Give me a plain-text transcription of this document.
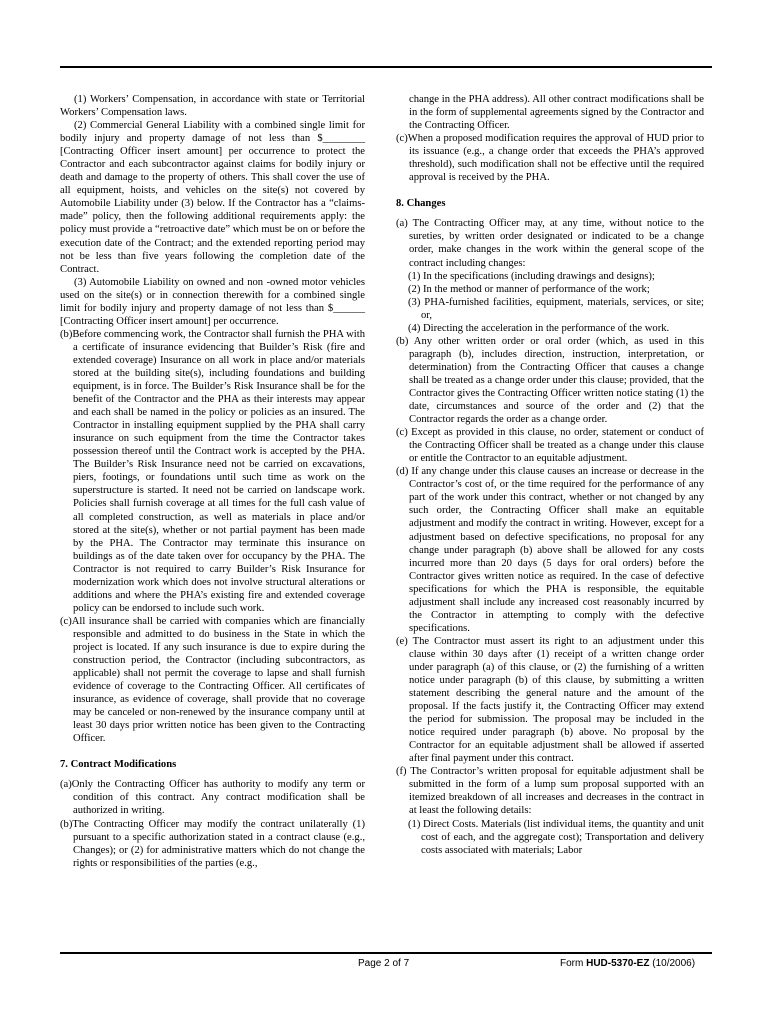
(1) Workers’ Compensation, in accordance with state or Territorial Workers’ Compensation laws.

(2) Commercial General Liability with a combined single limit for bodily injury and property damage of not less than $________ [Contracting Officer insert amount] per occurrence to protect the Contractor and each subcontractor against claims for bodily injury or death and damage to the property of others. This shall cover the use of all equipment, hoists, and vehicles on the site(s) not covered by Automobile Liability under (3) below. If the Contractor has a “claims-made” policy, then the following additional requirements apply: the policy must provide a “retroactive date” which must be on or before the execution date of the Contract; and the extended reporting period may not be less than five years following the completion date of the Contract.

(3) Automobile Liability on owned and non -owned motor vehicles used on the site(s) or in connection therewith for a combined single limit for bodily injury and property damage of not less than $______ [Contracting Officer insert amount] per occurrence.

(b)Before commencing work, the Contractor shall furnish the PHA with a certificate of insurance evidencing that Builder’s Risk (fire and extended coverage) Insurance on all work in place and/or materials stored at the building site(s), including foundations and building equipment, is in force. The Builder’s Risk Insurance shall be for the benefit of the Contractor and the PHA as their interests may appear and each shall be named in the policy or policies as an insured. The Contractor in installing equipment supplied by the PHA shall carry insurance on such equipment from the time the Contractor takes possession thereof until the Contract work is accepted by the PHA. The Builder’s Risk Insurance need not be carried on excavations, piers, footings, or foundations until such time as work on the superstructure is started. It need not be carried on landscape work. Policies shall furnish coverage at all times for the full cash value of all completed construction, as well as materials in place and/or stored at the site(s), whether or not partial payment has been made by the PHA. The Contractor may terminate this insurance on buildings as of the date taken over for occupancy by the PHA. The Contractor is not required to carry Builder’s Risk Insurance for modernization work which does not involve structural alterations or additions and where the PHA’s existing fire and extended coverage policy can be endorsed to include such work.

(c)All insurance shall be carried with companies which are financially responsible and admitted to do business in the State in which the project is located. If any such insurance is due to expire during the construction period, the Contractor (including subcontractors, as applicable) shall not permit the coverage to lapse and shall furnish evidence of coverage to the Contracting Officer. All certificates of insurance, as evidence of coverage, shall provide that no coverage may be canceled or non-renewed by the insurance company until at least 30 days prior written notice has been given to the Contracting Officer.

7. Contract Modifications

(a)Only the Contracting Officer has authority to modify any term or condition of this contract. Any contract modification shall be authorized in writing.

(b)The Contracting Officer may modify the contract unilaterally (1) pursuant to a specific authorization stated in a contract clause (e.g., Changes); or (2) for administrative matters which do not change the rights or responsibilities of the parties (e.g.,

change in the PHA address). All other contract modifications shall be in the form of supplemental agreements signed by the Contractor and the Contracting Officer.

(c)When a proposed modification requires the approval of HUD prior to its issuance (e.g., a change order that exceeds the PHA’s approved threshold), such modification shall not be effective until the required approval is received by the PHA.

8. Changes

(a) The Contracting Officer may, at any time, without notice to the sureties, by written order designated or indicated to be a change order, make changes in the work within the general scope of the contract including changes:

(1) In the specifications (including drawings and designs);

(2) In the method or manner of performance of the work;

(3) PHA-furnished facilities, equipment, materials, services, or site; or,

(4) Directing the acceleration in the performance of the work.

(b) Any other written order or oral order (which, as used in this paragraph (b), includes direction, instruction, interpretation, or determination) from the Contracting Officer that causes a change shall be treated as a change order under this clause; provided, that the Contractor gives the Contracting Officer written notice stating (1) the date, circumstances and source of the order and (2) that the Contractor regards the order as a change order.

(c) Except as provided in this clause, no order, statement or conduct of the Contracting Officer shall be treated as a change under this clause or entitle the Contractor to an equitable adjustment.

(d) If any change under this clause causes an increase or decrease in the Contractor’s cost of, or the time required for the performance of any part of the work under this contract, whether or not changed by any such order, the Contracting Officer shall make an equitable adjustment and modify the contract in writing. However, except for a adjustment based on defective specifications, no proposal for any change under paragraph (b) above shall be allowed for any costs incurred more than 20 days (5 days for oral orders) before the Contractor gives written notice as required. In the case of defective specifications for which the PHA is responsible, the equitable adjustment shall include any increased cost reasonably incurred by the Contractor in attempting to comply with the defective specifications.

(e) The Contractor must assert its right to an adjustment under this clause within 30 days after (1) receipt of a written change order under paragraph (a) of this clause, or (2) the furnishing of a written notice under paragraph (b) of this clause, by submitting a written statement describing the general nature and the amount of the proposal. If the facts justify it, the Contracting Officer may extend the period for submission. The proposal may be included in the notice required under paragraph (b) above. No proposal by the Contractor for an equitable adjustment shall be allowed if asserted after final payment under this contract.

(f) The Contractor’s written proposal for equitable adjustment shall be submitted in the form of a lump sum proposal supported with an itemized breakdown of all increases and decreases in the contract in at least the following details:

(1) Direct Costs. Materials (list individual items, the quantity and unit cost of each, and the aggregate cost); Transportation and delivery costs associated with materials; Labor

Page 2 of 7	Form HUD-5370-EZ (10/2006)
